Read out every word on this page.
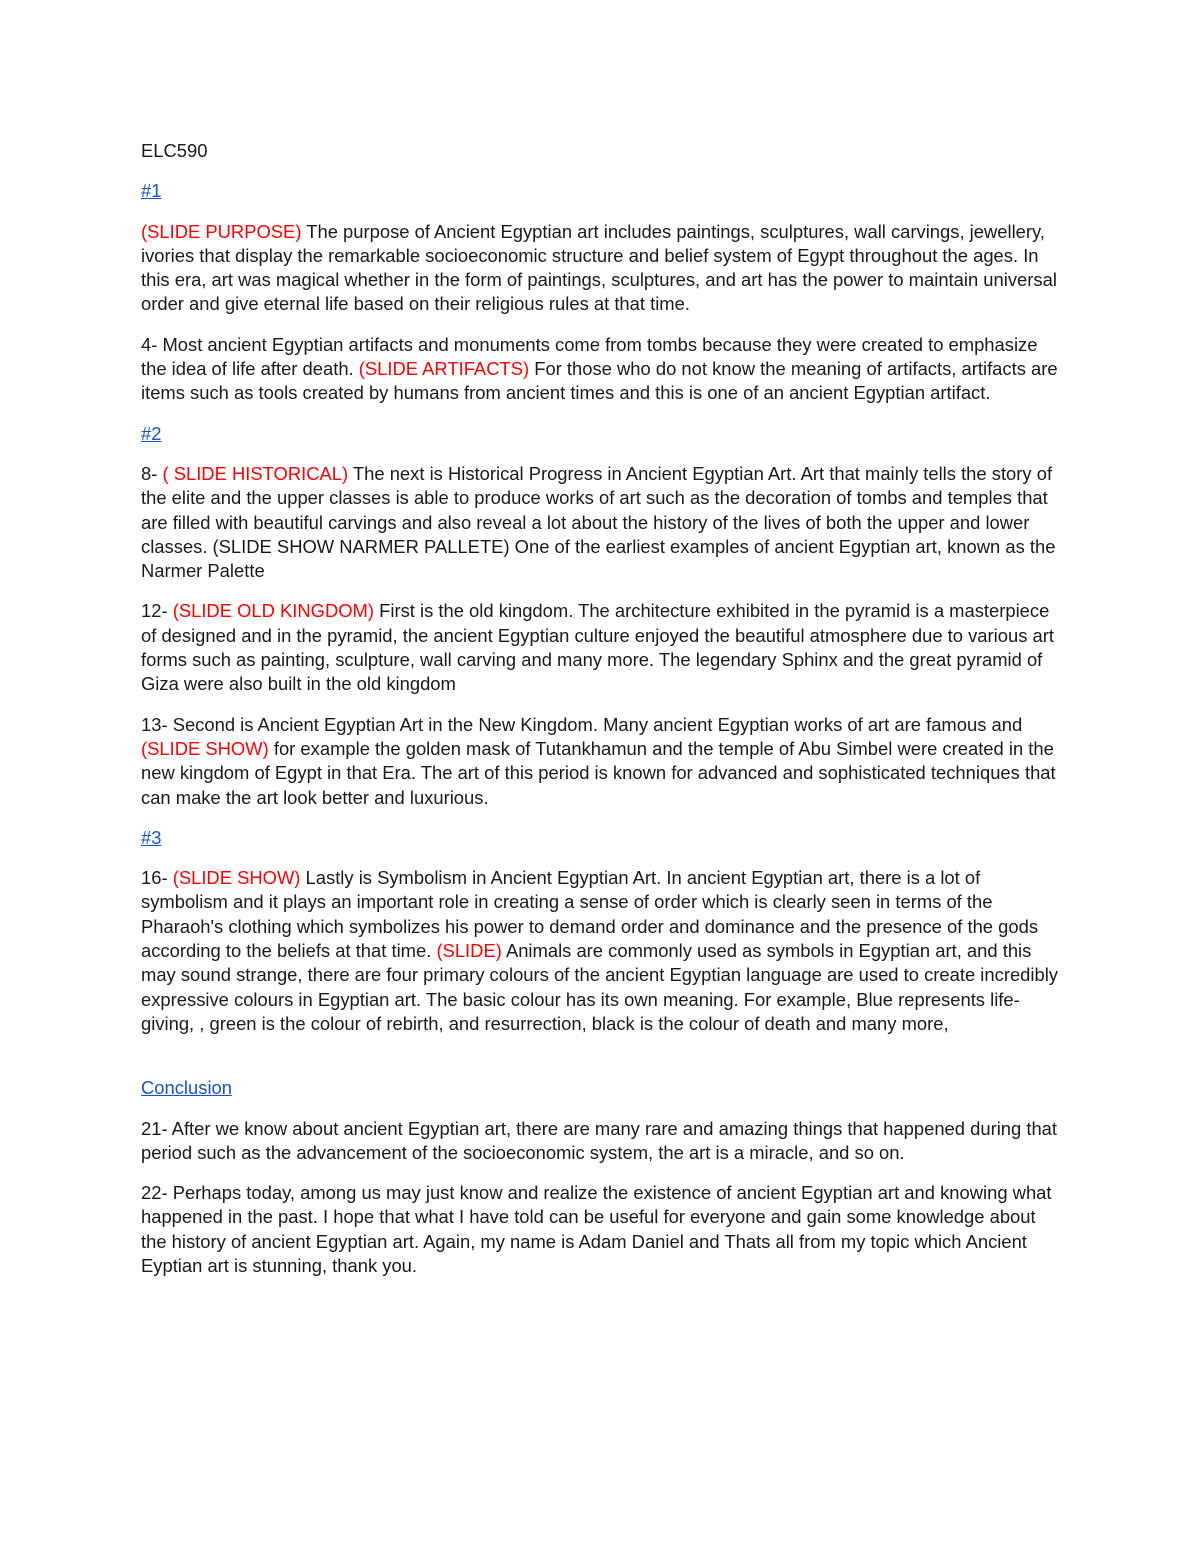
ELC590

#1

(SLIDE PURPOSE) The purpose of Ancient Egyptian art includes paintings, sculptures, wall carvings, jewellery, ivories that display the remarkable socioeconomic structure and belief system of Egypt throughout the ages. In this era, art was magical whether in the form of paintings, sculptures, and art has the power to maintain universal order and give eternal life based on their religious rules at that time.

4- Most ancient Egyptian artifacts and monuments come from tombs because they were created to emphasize the idea of life after death. (SLIDE ARTIFACTS) For those who do not know the meaning of artifacts, artifacts are items such as tools created by humans from ancient times and this is one of an ancient Egyptian artifact.

#2

8- ( SLIDE HISTORICAL) The next is Historical Progress in Ancient Egyptian Art. Art that mainly tells the story of the elite and the upper classes is able to produce works of art such as the decoration of tombs and temples that are filled with beautiful carvings and also reveal a lot about the history of the lives of both the upper and lower classes. (SLIDE SHOW NARMER PALLETE) One of the earliest examples of ancient Egyptian art, known as the Narmer Palette

12- (SLIDE OLD KINGDOM) First is the old kingdom. The architecture exhibited in the pyramid is a masterpiece of designed and in the pyramid, the ancient Egyptian culture enjoyed the beautiful atmosphere due to various art forms such as painting, sculpture, wall carving and many more. The legendary Sphinx and the great pyramid of Giza were also built in the old kingdom

13- Second is Ancient Egyptian Art in the New Kingdom. Many ancient Egyptian works of art are famous and (SLIDE SHOW) for example the golden mask of Tutankhamun and the temple of Abu Simbel were created in the new kingdom of Egypt in that Era. The art of this period is known for advanced and sophisticated techniques that can make the art look better and luxurious.

#3

16- (SLIDE SHOW) Lastly is Symbolism in Ancient Egyptian Art. In ancient Egyptian art, there is a lot of symbolism and it plays an important role in creating a sense of order which is clearly seen in terms of the Pharaoh's clothing which symbolizes his power to demand order and dominance and the presence of the gods according to the beliefs at that time. (SLIDE) Animals are commonly used as symbols in Egyptian art, and this may sound strange, there are four primary colours of the ancient Egyptian language are used to create incredibly expressive colours in Egyptian art. The basic colour has its own meaning. For example, Blue represents life-giving, , green is the colour of rebirth, and resurrection, black is the colour of death and many more,

Conclusion

21- After we know about ancient Egyptian art, there are many rare and amazing things that happened during that period such as the advancement of the socioeconomic system, the art is a miracle, and so on.

22- Perhaps today, among us may just know and realize the existence of ancient Egyptian art and knowing what happened in the past. I hope that what I have told can be useful for everyone and gain some knowledge about the history of ancient Egyptian art. Again, my name is Adam Daniel and Thats all from my topic which Ancient Eyptian art is stunning, thank you.
